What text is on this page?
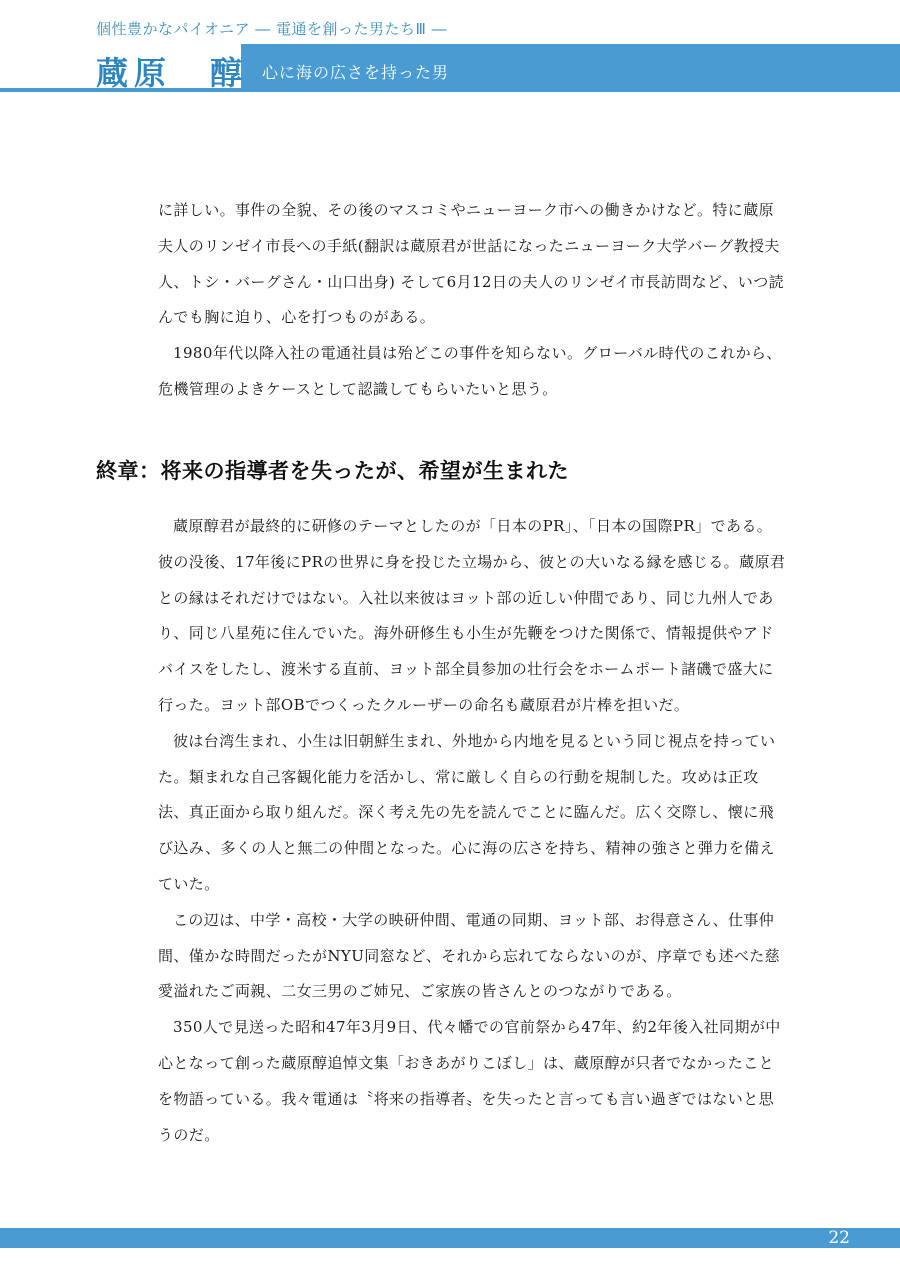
個性豊かなパイオニア ― 電通を創った男たちⅢ ―
蔵原　醇 心に海の広さを持った男

に詳しい。事件の全貌、その後のマスコミやニューヨーク市への働きかけなど。特に蔵原夫人のリンゼイ市長への手紙(翻訳は蔵原君が世話になったニューヨーク大学バーグ教授夫人、トシ・バーグさん・山口出身) そして6月12日の夫人のリンゼイ市長訪問など、いつ読んでも胸に迫り、心を打つものがある。

1980年代以降入社の電通社員は殆どこの事件を知らない。グローバル時代のこれから、危機管理のよきケースとして認識してもらいたいと思う。

終章：将来の指導者を失ったが、希望が生まれた

蔵原醇君が最終的に研修のテーマとしたのが「日本のPR」、「日本の国際PR」である。彼の没後、17年後にPRの世界に身を投じた立場から、彼との大いなる縁を感じる。蔵原君との縁はそれだけではない。入社以来彼はヨット部の近しい仲間であり、同じ九州人であり、同じ八星苑に住んでいた。海外研修生も小生が先鞭をつけた関係で、情報提供やアドバイスをしたし、渡米する直前、ヨット部全員参加の壮行会をホームポート諸磯で盛大に行った。ヨット部OBでつくったクルーザーの命名も蔵原君が片棒を担いだ。

彼は台湾生まれ、小生は旧朝鮮生まれ、外地から内地を見るという同じ視点を持っていた。類まれな自己客観化能力を活かし、常に厳しく自らの行動を規制した。攻めは正攻法、真正面から取り組んだ。深く考え先の先を読んでことに臨んだ。広く交際し、懐に飛び込み、多くの人と無二の仲間となった。心に海の広さを持ち、精神の強さと弾力を備えていた。

この辺は、中学・高校・大学の映研仲間、電通の同期、ヨット部、お得意さん、仕事仲間、僅かな時間だったがNYU同窓など、それから忘れてならないのが、序章でも述べた慈愛溢れたご両親、二女三男のご姉兄、ご家族の皆さんとのつながりである。

350人で見送った昭和47年3月9日、代々幡での官前祭から47年、約2年後入社同期が中心となって創った蔵原醇追悼文集「おきあがりこぼし」は、蔵原醇が只者でなかったことを物語っている。我々電通は〝将来の指導者〟を失ったと言っても言い過ぎではないと思うのだ。

22
